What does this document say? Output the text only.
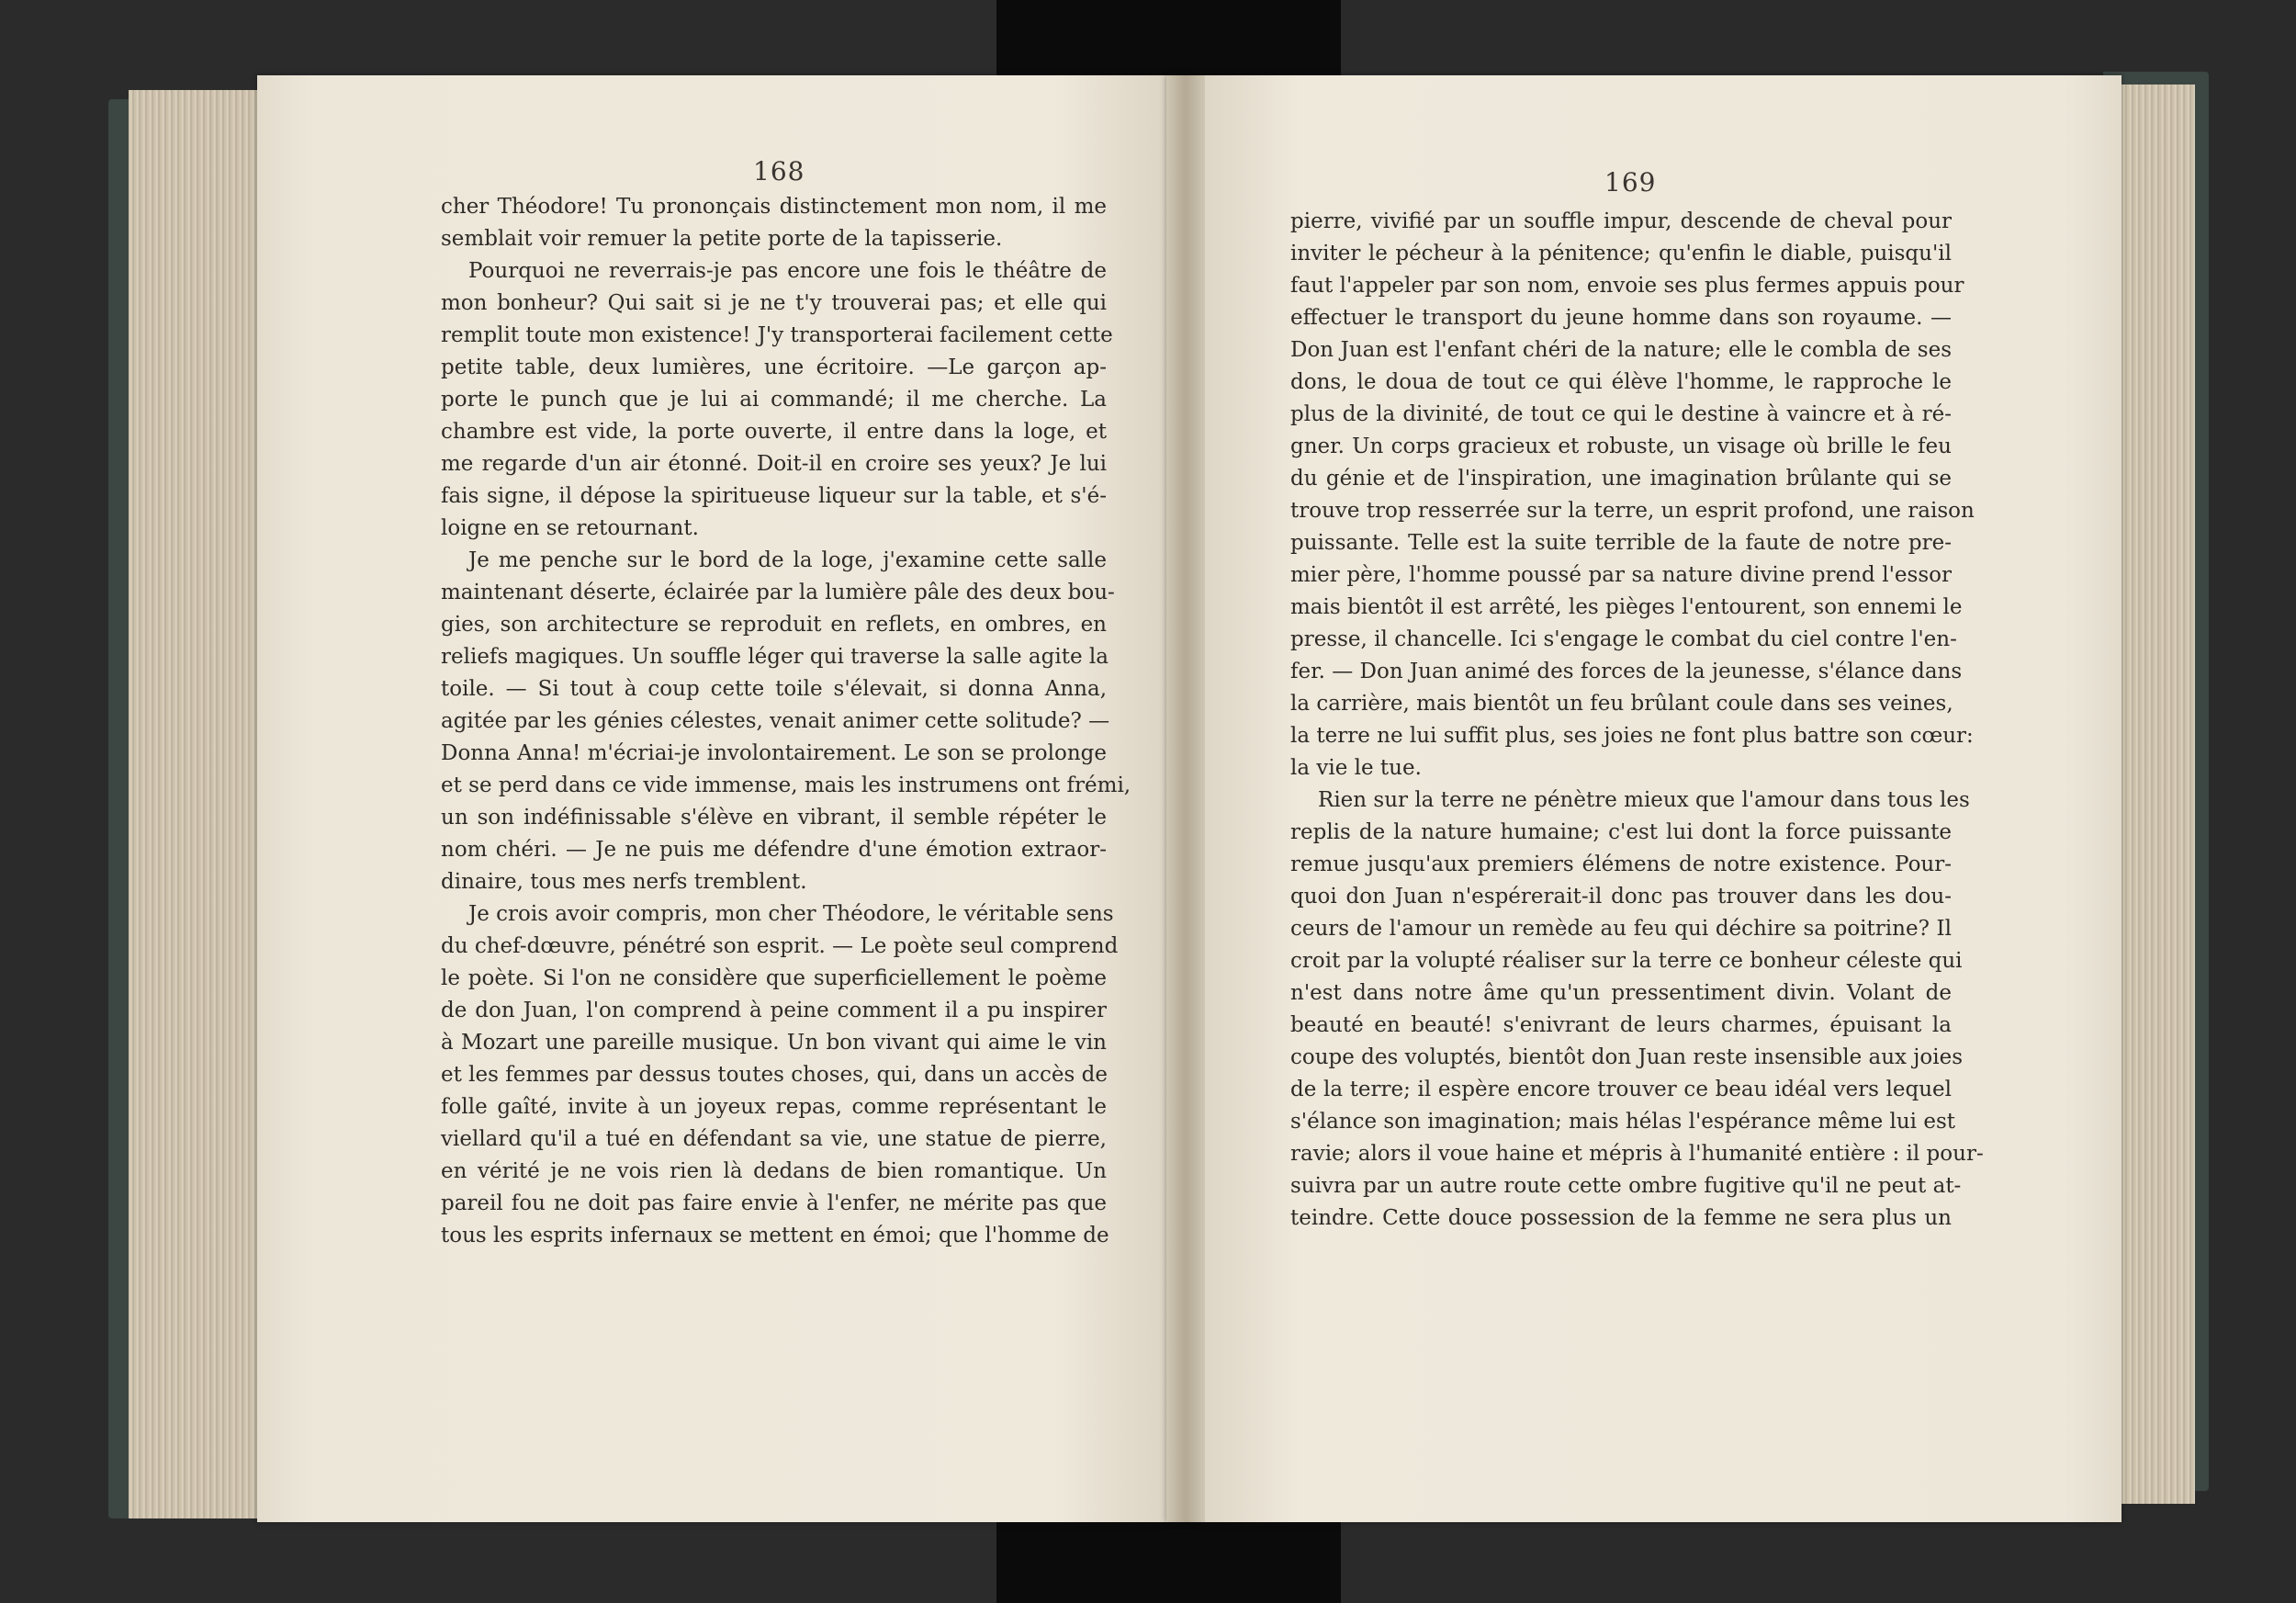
168	169
cher Théodore! Tu prononçais distinctement mon nom, il me
semblait voir remuer la petite porte de la tapisserie.
Pourquoi ne reverrais-je pas encore une fois le théâtre de
mon bonheur? Qui sait si je ne t'y trouverai pas; et elle qui
remplit toute mon existence! J'y transporterai facilement cette
petite table, deux lumières, une écritoire. —Le garçon ap-
porte le punch que je lui ai commandé; il me cherche. La
chambre est vide, la porte ouverte, il entre dans la loge, et
me regarde d'un air étonné. Doit-il en croire ses yeux? Je lui
fais signe, il dépose la spiritueuse liqueur sur la table, et s'é-
loigne en se retournant.
Je me penche sur le bord de la loge, j'examine cette salle
maintenant déserte, éclairée par la lumière pâle des deux bou-
gies, son architecture se reproduit en reflets, en ombres, en
reliefs magiques. Un souffle léger qui traverse la salle agite la
toile. — Si tout à coup cette toile s'élevait, si donna Anna,
agitée par les génies célestes, venait animer cette solitude? —
Donna Anna! m'écriai-je involontairement. Le son se prolonge
et se perd dans ce vide immense, mais les instrumens ont frémi,
un son indéfinissable s'élève en vibrant, il semble répéter le
nom chéri. — Je ne puis me défendre d'une émotion extraor-
dinaire, tous mes nerfs tremblent.
Je crois avoir compris, mon cher Théodore, le véritable sens
du chef-dœuvre, pénétré son esprit. — Le poète seul comprend
le poète. Si l'on ne considère que superficiellement le poème
de don Juan, l'on comprend à peine comment il a pu inspirer
à Mozart une pareille musique. Un bon vivant qui aime le vin
et les femmes par dessus toutes choses, qui, dans un accès de
folle gaîté, invite à un joyeux repas, comme représentant le
viellard qu'il a tué en défendant sa vie, une statue de pierre,
en vérité je ne vois rien là dedans de bien romantique. Un
pareil fou ne doit pas faire envie à l'enfer, ne mérite pas que
tous les esprits infernaux se mettent en émoi; que l'homme de
pierre, vivifié par un souffle impur, descende de cheval pour
inviter le pécheur à la pénitence; qu'enfin le diable, puisqu'il
faut l'appeler par son nom, envoie ses plus fermes appuis pour
effectuer le transport du jeune homme dans son royaume. —
Don Juan est l'enfant chéri de la nature; elle le combla de ses
dons, le doua de tout ce qui élève l'homme, le rapproche le
plus de la divinité, de tout ce qui le destine à vaincre et à ré-
gner. Un corps gracieux et robuste, un visage où brille le feu
du génie et de l'inspiration, une imagination brûlante qui se
trouve trop resserrée sur la terre, un esprit profond, une raison
puissante. Telle est la suite terrible de la faute de notre pre-
mier père, l'homme poussé par sa nature divine prend l'essor
mais bientôt il est arrêté, les pièges l'entourent, son ennemi le
presse, il chancelle. Ici s'engage le combat du ciel contre l'en-
fer. — Don Juan animé des forces de la jeunesse, s'élance dans
la carrière, mais bientôt un feu brûlant coule dans ses veines,
la terre ne lui suffit plus, ses joies ne font plus battre son cœur:
la vie le tue.
Rien sur la terre ne pénètre mieux que l'amour dans tous les
replis de la nature humaine; c'est lui dont la force puissante
remue jusqu'aux premiers élémens de notre existence. Pour-
quoi don Juan n'espérerait-il donc pas trouver dans les dou-
ceurs de l'amour un remède au feu qui déchire sa poitrine? Il
croit par la volupté réaliser sur la terre ce bonheur céleste qui
n'est dans notre âme qu'un pressentiment divin. Volant de
beauté en beauté! s'enivrant de leurs charmes, épuisant la
coupe des voluptés, bientôt don Juan reste insensible aux joies
de la terre; il espère encore trouver ce beau idéal vers lequel
s'élance son imagination; mais hélas l'espérance même lui est
ravie; alors il voue haine et mépris à l'humanité entière : il pour-
suivra par un autre route cette ombre fugitive qu'il ne peut at-
teindre. Cette douce possession de la femme ne sera plus un
